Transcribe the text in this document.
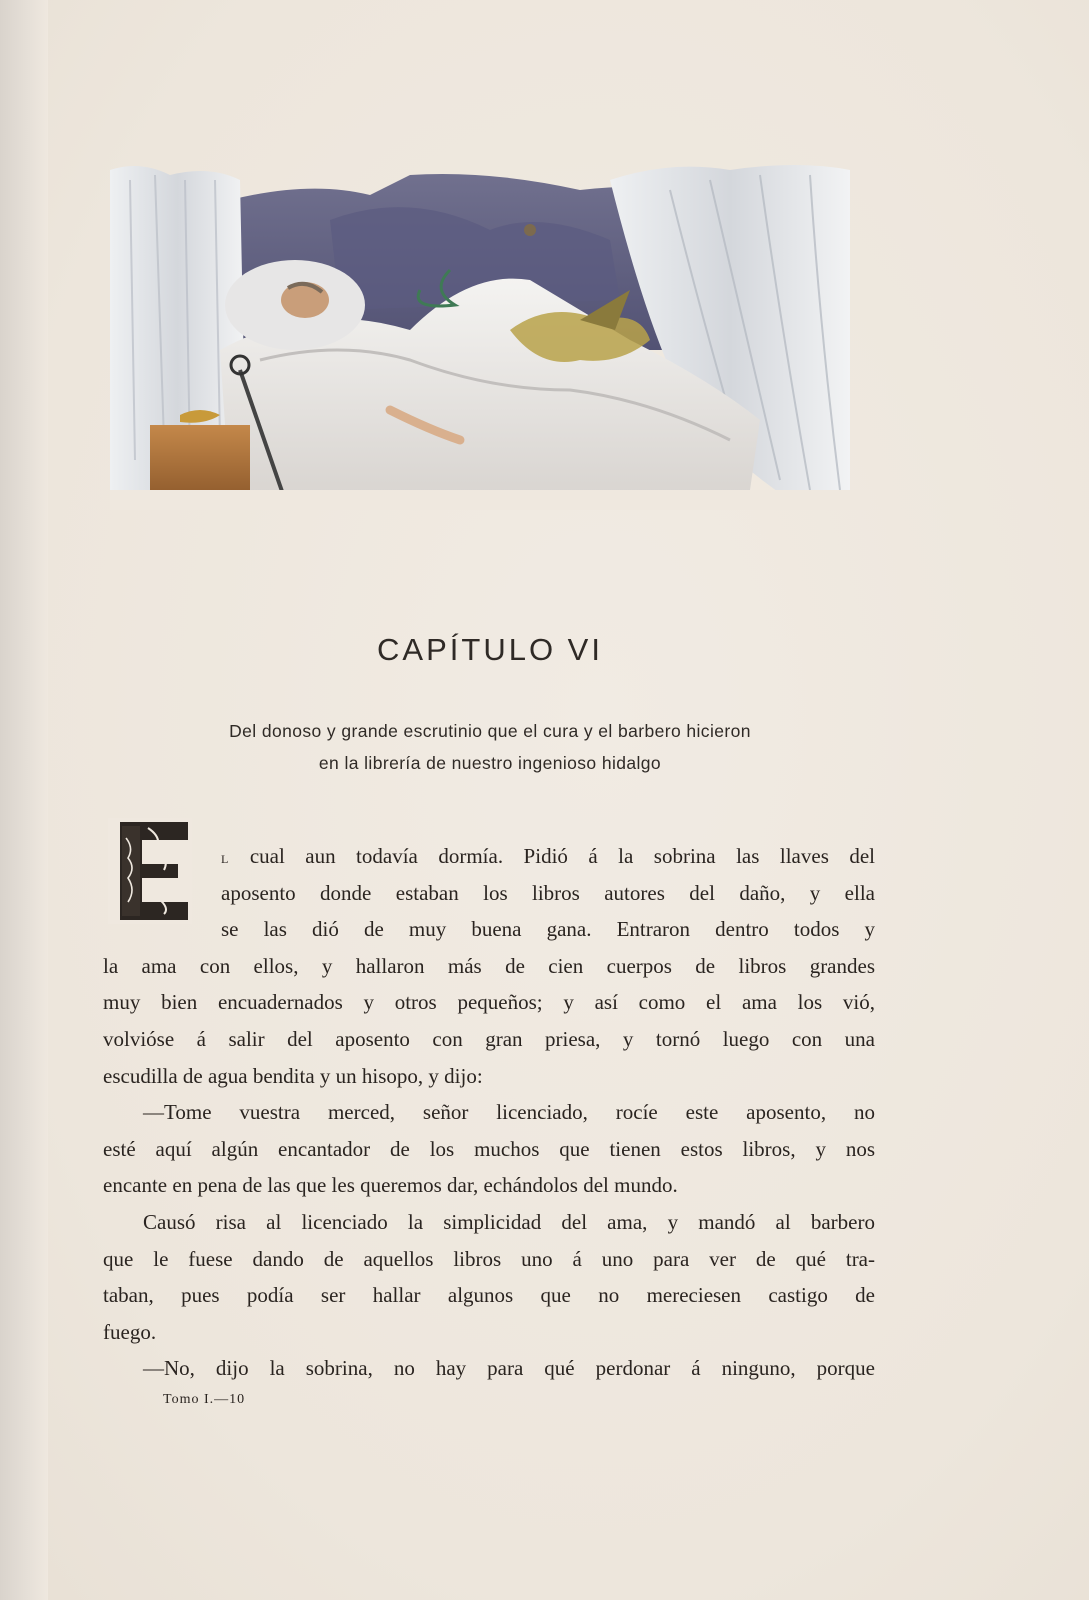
CAPÍTULO VI
Del donoso y grande escrutinio que el cura y el barbero hicieron
en la librería de nuestro ingenioso hidalgo
l cual aun todavía dormía. Pidió á la sobrina las llaves del
aposento donde estaban los libros autores del daño, y ella
se las dió de muy buena gana. Entraron dentro todos y
la ama con ellos, y hallaron más de cien cuerpos de libros grandes
muy bien encuadernados y otros pequeños; y así como el ama los vió,
volvióse á salir del aposento con gran priesa, y tornó luego con una
escudilla de agua bendita y un hisopo, y dijo:
—Tome vuestra merced, señor licenciado, rocíe este aposento, no
esté aquí algún encantador de los muchos que tienen estos libros, y nos
encante en pena de las que les queremos dar, echándolos del mundo.
Causó risa al licenciado la simplicidad del ama, y mandó al barbero
que le fuese dando de aquellos libros uno á uno para ver de qué tra-
taban, pues podía ser hallar algunos que no mereciesen castigo de
fuego.
—No, dijo la sobrina, no hay para qué perdonar á ninguno, porque
Tomo I.—10
